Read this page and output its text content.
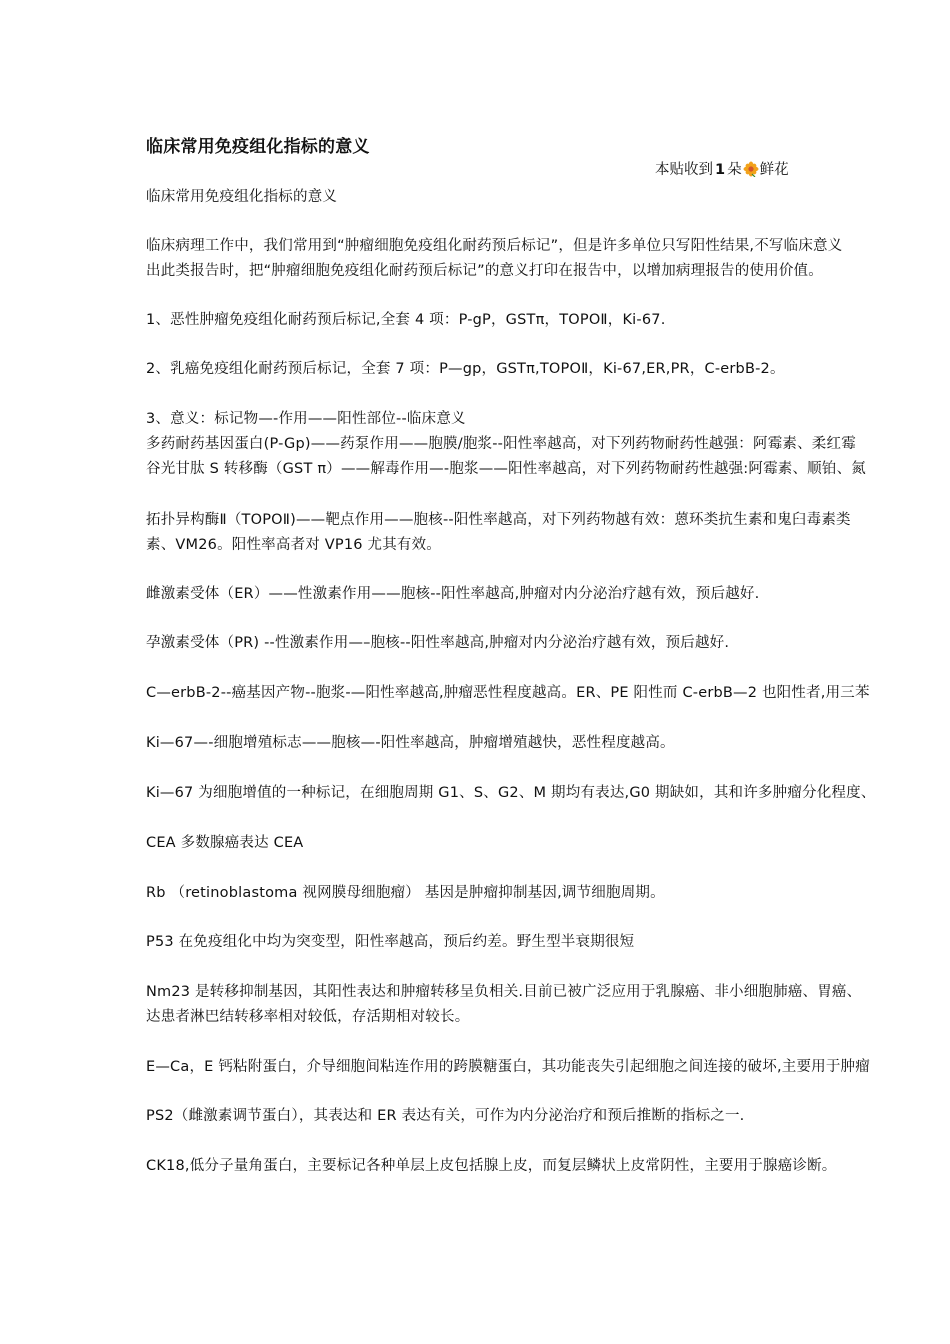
临床常用免疫组化指标的意义
本贴收到 1 朵 鲜花
临床常用免疫组化指标的意义
临床病理工作中，我们常用到“肿瘤细胞免疫组化耐药预后标记”，但是许多单位只写阳性结果,不写临床意义
出此类报告时，把“肿瘤细胞免疫组化耐药预后标记”的意义打印在报告中，以增加病理报告的使用价值。
1、恶性肿瘤免疫组化耐药预后标记,全套 4 项：P-gP，GSTπ，TOPOⅡ，Ki-67.
2、乳癌免疫组化耐药预后标记，全套 7 项：P—gp，GSTπ,TOPOⅡ，Ki-67,ER,PR，C-erbB-2。
3、意义：标记物—-作用——阳性部位--临床意义
多药耐药基因蛋白(P-Gp)——药泵作用——胞膜/胞浆--阳性率越高，对下列药物耐药性越强：阿霉素、柔红霉
谷光甘肽 S 转移酶（GST π）——解毒作用—-胞浆——阳性率越高，对下列药物耐药性越强:阿霉素、顺铂、氮
拓扑异构酶Ⅱ（TOPOⅡ)——靶点作用——胞核--阳性率越高，对下列药物越有效：蒽环类抗生素和鬼臼毒素类
素、VM26。阳性率高者对 VP16 尤其有效。
雌激素受体（ER）——性激素作用——胞核--阳性率越高,肿瘤对内分泌治疗越有效，预后越好.
孕激素受体（PR) --性激素作用—–胞核--阳性率越高,肿瘤对内分泌治疗越有效，预后越好.
C—erbB-2--癌基因产物--胞浆-—阳性率越高,肿瘤恶性程度越高。ER、PE 阳性而 C-erbB—2 也阳性者,用三苯
Ki—67—-细胞增殖标志——胞核—-阳性率越高，肿瘤增殖越快，恶性程度越高。
Ki—67 为细胞增值的一种标记，在细胞周期 G1、S、G2、M 期均有表达,G0 期缺如，其和许多肿瘤分化程度、
CEA 多数腺癌表达 CEA
Rb （retinoblastoma 视网膜母细胞瘤） 基因是肿瘤抑制基因,调节细胞周期。
P53 在免疫组化中均为突变型，阳性率越高，预后约差。野生型半衰期很短
Nm23 是转移抑制基因，其阳性表达和肿瘤转移呈负相关.目前已被广泛应用于乳腺癌、非小细胞肺癌、胃癌、
达患者淋巴结转移率相对较低，存活期相对较长。
E—Ca，E 钙粘附蛋白，介导细胞间粘连作用的跨膜糖蛋白，其功能丧失引起细胞之间连接的破坏,主要用于肿瘤
PS2（雌激素调节蛋白），其表达和 ER 表达有关，可作为内分泌治疗和预后推断的指标之一.
CK18,低分子量角蛋白，主要标记各种单层上皮包括腺上皮，而复层鳞状上皮常阴性，主要用于腺癌诊断。
